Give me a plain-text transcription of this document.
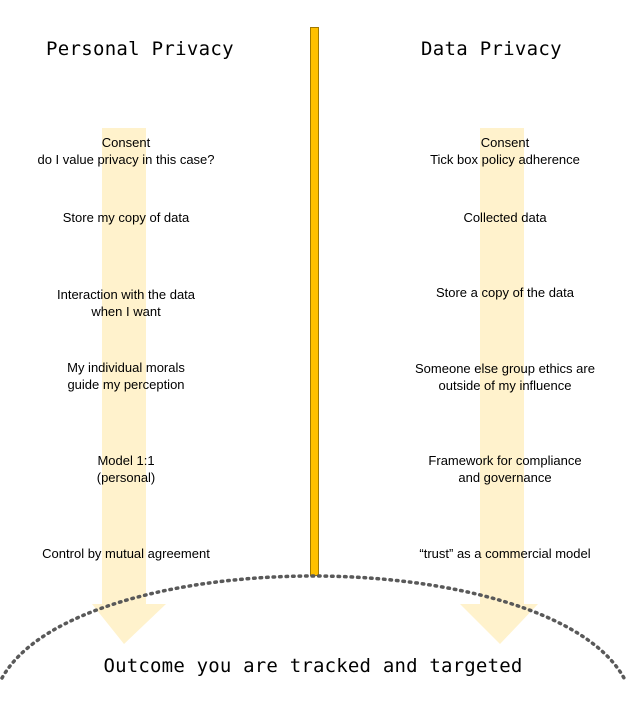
Personal Privacy	Data Privacy
Consent
do I value privacy in this case?
Store my copy of data
Interaction with the data
when I want
My individual morals
guide my perception
Model 1:1
(personal)
Control by mutual agreement
Consent
Tick box policy adherence
Collected data
Store a copy of the data
Someone else group ethics are
outside of my influence
Framework for compliance
and governance
“trust” as a commercial model
Outcome you are tracked and targeted
